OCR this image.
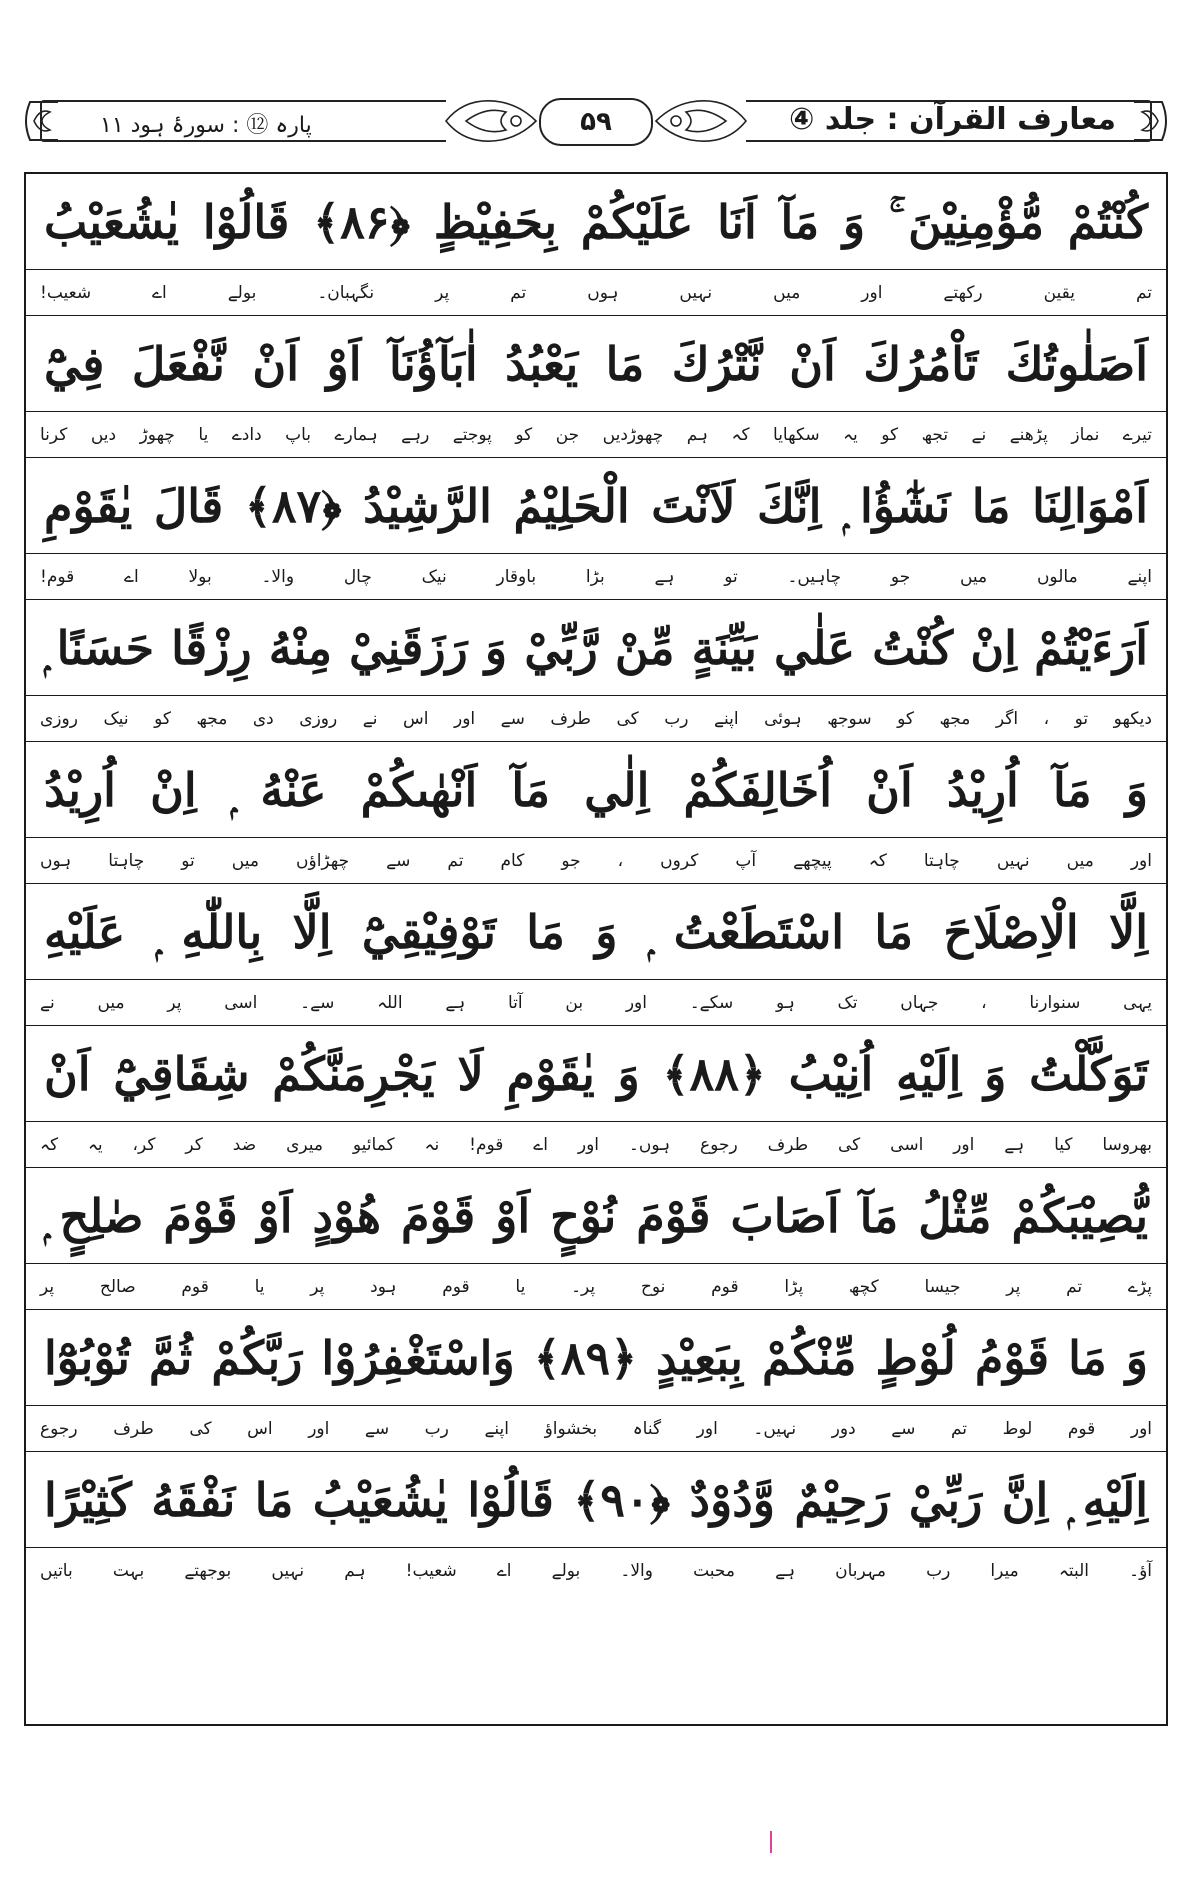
۵۹	معارف القرآن : جلد ④
پارہ ⑫ : سورۂ ہود ۱۱
كُنْتُمْ مُّؤْمِنِيْنَ ۚ وَ مَآ اَنَا عَلَيْكُمْ بِحَفِيْظٍ ﴿۸۶﴾ قَالُوْا يٰشُعَيْبُ
تم یقین رکھتے اور میں نہیں ہوں تم پر نگہبان۔ بولے اے شعیب!
اَصَلٰوتُكَ تَاْمُرُكَ اَنْ نَّتْرُكَ مَا يَعْبُدُ اٰبَآؤُنَآ اَوْ اَنْ نَّفْعَلَ فِيْٓ
تیرے نماز پڑھنے نے تجھ کو یہ سکھایا کہ ہم چھوڑدیں جن کو پوجتے رہے ہمارے باپ دادے یا چھوڑ دیں کرنا
اَمْوَالِنَا مَا نَشٰٓؤُا ۭ اِنَّكَ لَاَنْتَ الْحَلِيْمُ الرَّشِيْدُ ﴿۸۷﴾ قَالَ يٰقَوْمِ
اپنے مالوں میں جو چاہیں۔ تو ہے بڑا باوقار نیک چال والا۔ بولا اے قوم!
اَرَءَيْتُمْ اِنْ كُنْتُ عَلٰي بَيِّنَةٍ مِّنْ رَّبِّيْ وَ رَزَقَنِيْ مِنْهُ رِزْقًا حَسَنًا ۭ
دیکھو تو ، اگر مجھ کو سوجھ ہوئی اپنے رب کی طرف سے اور اس نے روزی دی مجھ کو نیک روزی
وَ مَآ اُرِيْدُ اَنْ اُخَالِفَكُمْ اِلٰي مَآ اَنْهٰىكُمْ عَنْهُ ۭ اِنْ اُرِيْدُ
اور میں نہیں چاہتا کہ پیچھے آپ کروں ، جو کام تم سے چھڑاؤں میں تو چاہتا ہوں
اِلَّا الْاِصْلَاحَ مَا اسْتَطَعْتُ ۭ وَ مَا تَوْفِيْقِيْٓ اِلَّا بِاللّٰهِ ۭ عَلَيْهِ
یہی سنوارنا ، جہاں تک ہو سکے۔ اور بن آتا ہے اللہ سے۔ اسی پر میں نے
تَوَكَّلْتُ وَ اِلَيْهِ اُنِيْبُ ﴿۸۸﴾ وَ يٰقَوْمِ لَا يَجْرِمَنَّكُمْ شِقَاقِيْٓ اَنْ
بھروسا کیا ہے اور اسی کی طرف رجوع ہوں۔ اور اے قوم! نہ کمائیو میری ضد کر کر، یہ کہ
يُّصِيْبَكُمْ مِّثْلُ مَآ اَصَابَ قَوْمَ نُوْحٍ اَوْ قَوْمَ هُوْدٍ اَوْ قَوْمَ صٰلِحٍ ۭ
پڑے تم پر جیسا کچھ پڑا قوم نوح پر۔ یا قوم ہود پر یا قوم صالح پر
وَ مَا قَوْمُ لُوْطٍ مِّنْكُمْ بِبَعِيْدٍ ﴿۸۹﴾ وَاسْتَغْفِرُوْا رَبَّكُمْ ثُمَّ تُوْبُوْٓا
اور قوم لوط تم سے دور نہیں۔ اور گناہ بخشواؤ اپنے رب سے اور اس کی طرف رجوع
اِلَيْهِ ۭ اِنَّ رَبِّيْ رَحِيْمٌ وَّدُوْدٌ ﴿۹۰﴾ قَالُوْا يٰشُعَيْبُ مَا نَفْقَهُ كَثِيْرًا
آؤ۔ البتہ میرا رب مہربان ہے محبت والا۔ بولے اے شعیب! ہم نہیں بوجھتے بہت باتیں
